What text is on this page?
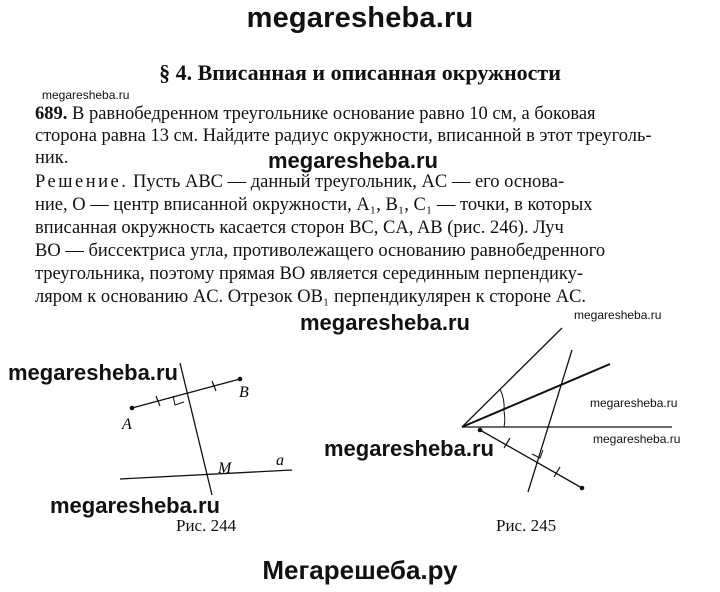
megaresheba.ru
§ 4. Вписанная и описанная окружности
megaresheba.ru
689. В равнобедренном треугольнике основание равно 10 см, а боковая
сторона равна 13 см. Найдите радиус окружности, вписанной в этот треуголь-
ник.	megaresheba.ru
Решение. Пусть ABC — данный треугольник, AC — его основа-
ние, O — центр вписанной окружности, A₁, B₁, C₁ — точки, в которых
вписанная окружность касается сторон BC, CA, AB (рис. 246). Луч
BO — биссектриса угла, противолежащего основанию равнобедренного
треугольника, поэтому прямая BO является серединным перпендику-
ляром к основанию AC. Отрезок OB₁ перпендикулярен к стороне AC.
megaresheba.ru	megaresheba.ru
A
B
M	a
megaresheba.ru
megaresheba.ru
megaresheba.ru
megaresheba.ru
megaresheba.ru
Рис. 244	Рис. 245
Мегарешеба.ру
